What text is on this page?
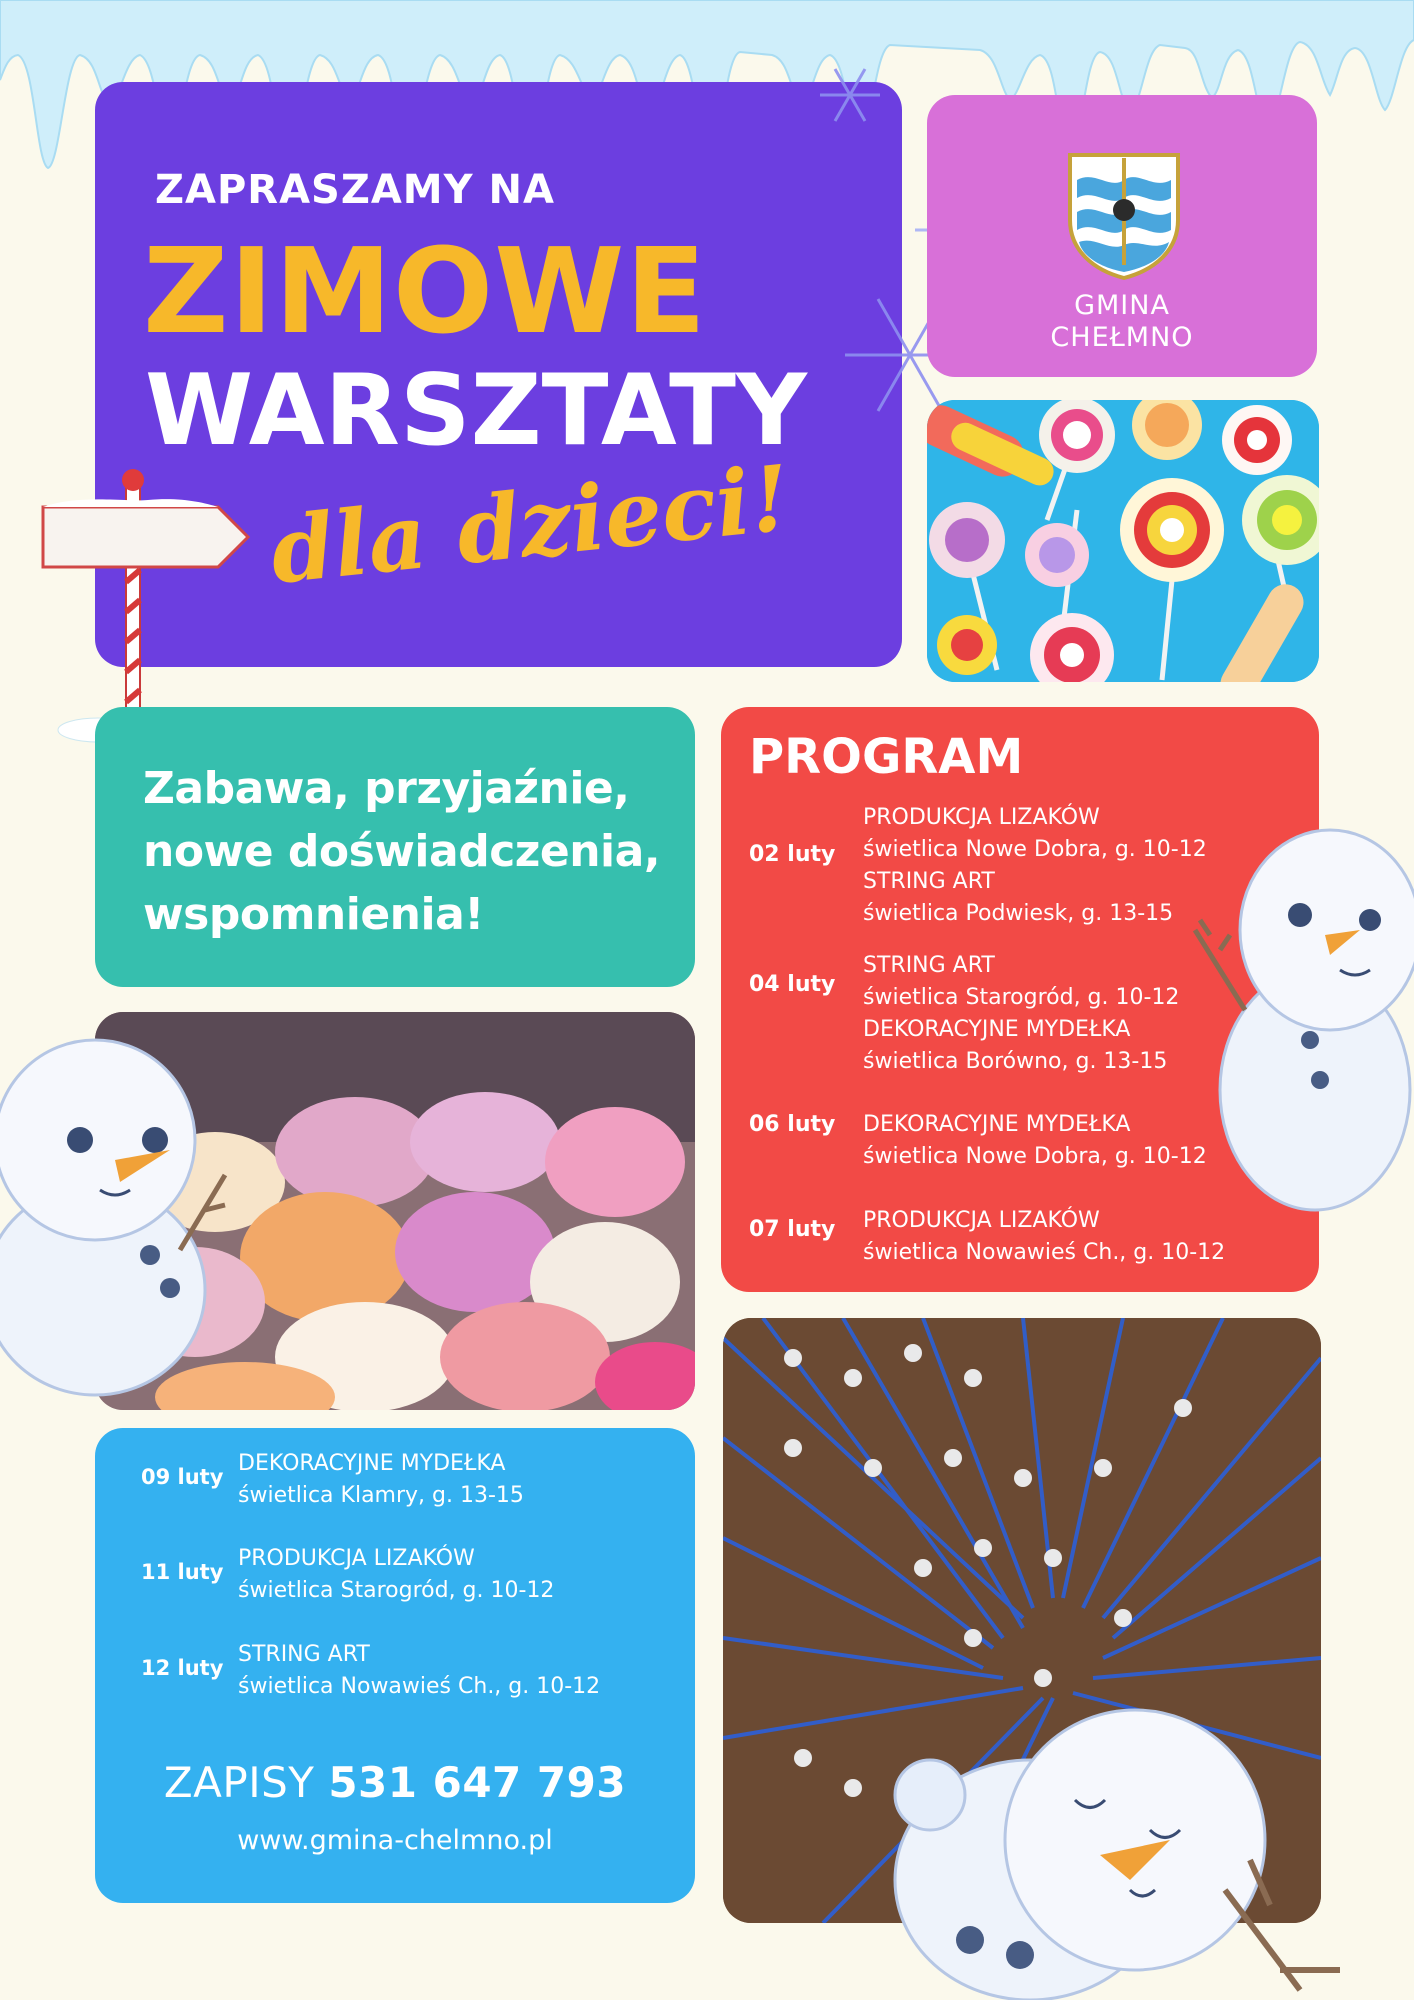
ZAPRASZAMY NA
ZIMOWE
WARSZTATY
dla dzieci!
GMINA
CHEŁMNO
Zabawa, przyjaźnie,
nowe doświadczenia,
wspomnienia!
PROGRAM
02 luty
PRODUKCJA LIZAKÓW
świetlica Nowe Dobra, g. 10-12
STRING ART
świetlica Podwiesk, g. 13-15
04 luty
STRING ART
świetlica Starogród, g. 10-12
DEKORACYJNE MYDEŁKA
świetlica Borówno, g. 13-15
06 luty DEKORACYJNE MYDEŁKA
świetlica Nowe Dobra, g. 10-12
07 luty PRODUKCJA LIZAKÓW
świetlica Nowawieś Ch., g. 10-12
09 luty
DEKORACYJNE MYDEŁKA
świetlica Klamry, g. 13-15
11 luty
PRODUKCJA LIZAKÓW
świetlica Starogród, g. 10-12
12 luty
STRING ART
świetlica Nowawieś Ch., g. 10-12
ZAPISY 531 647 793
www.gmina-chelmno.pl
